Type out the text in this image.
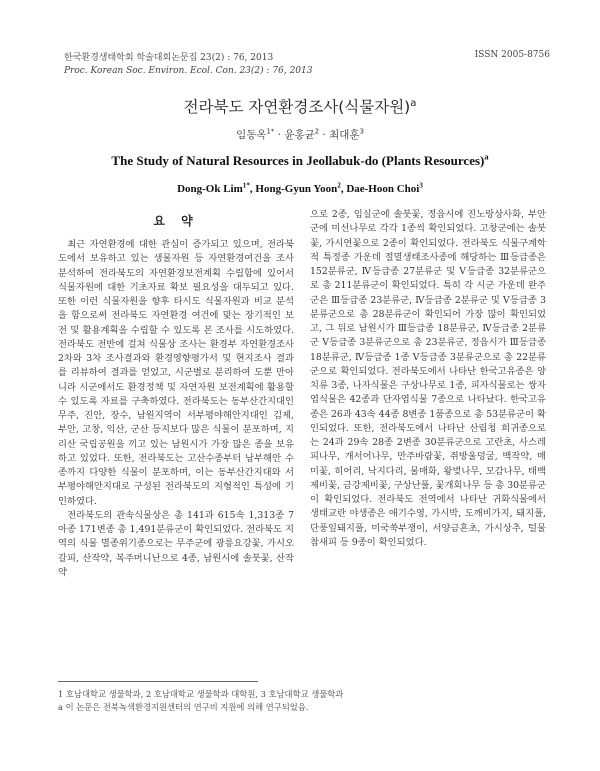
한국환경생태학회 학술대회논문집 23(2) : 76, 2013	ISSN 2005-8756
Proc. Korean Soc. Environ. Ecol. Con. 23(2) : 76, 2013
전라북도 자연환경조사(식물자원)$^a$
임동옥$^{1*}$ · 윤홍균$^2$ · 최대훈$^3$
The Study of Natural Resources in Jeollabuk-do (Plants Resources)$^a$
Dong-Ok Lim$^{1*}$, Hong-Gyun Yoon$^2$, Dae-Hoon Choi$^3$
요 약

최근 자연환경에 대한 관심이 증가되고 있으며, 전라북도에서 보유하고 있는 생물자원 등 자연환경여건을 조사 분석하여 전라북도의 자연환경보전계획 수립함에 있어서 식물자원에 대한 기초자료 확보 필요성을 대두되고 있다. 또한 이런 식물자원을 향후 타시도 식물자원과 비교 분석을 함으로써 전라북도 자연환경 여건에 맞는 장기적인 보전 및 활용계획을 수립할 수 있도록 본 조사를 시도하였다. 전라북도 전반에 걸쳐 식물상 조사는 환경부 자연환경조사 2차와 3차 조사결과와 환경영향평가서 및 현지조사 결과를 리뷰하여 결과를 얻었고, 시군별로 분리하여 도뿐 만아니라 시군에서도 환경정책 및 자연자원 보전계획에 활용할 수 있도록 자료를 구축하였다. 전라북도는 동부산간지대인 무주, 진안, 장수, 남원지역이 서부평야해안지대인 김제, 부안, 고창, 익산, 군산 등지보다 많은 식물이 분포하며, 지리산 국립공원을 끼고 있는 남원시가 가장 많은 종을 보유하고 있었다. 또한, 전라북도는 고산수종부터 남부해안 수종까지 다양한 식물이 분포하며, 이는 동부산간지대와 서부평야해안지대로 구성된 전라북도의 지형적인 특성에 기인하였다.

전라북도의 관속식물상은 총 141과 615속 1,313종 7아종 171변종 총 1,491분류군이 확인되었다. 전라북도 지역의 식물 멸종위기종으로는 무주군에 광릉요강꽃, 가시오갈피, 산작약, 복주머니난으로 4종, 남원시에 솔붓꽃, 산작약

으로 2종, 임실군에 솔붓꽃, 정읍시에 진노랑상사화, 부안군에 미선나무로 각각 1종씩 확인되었다. 고창군에는 솔붓꽃, 가시연꽃으로 2종이 확인되었다. 전라북도 식물구계학적 특정종 가운데 절멸생태조사종에 해당하는 Ⅲ등급종은 152분류군, Ⅳ등급종 27분류군 및 Ⅴ등급종 32분류군으로 총 211분류군이 확인되었다. 특히 각 시군 가운데 완주군은 Ⅲ등급종 23분류군, Ⅳ등급종 2분류군 및 Ⅴ등급종 3분류군으로 총 28분류군이 확인되어 가장 많이 확인되었고, 그 뒤로 남원시가 Ⅲ등급종 18분류군, Ⅳ등급종 2분류군 Ⅴ등급종 3분류군으로 총 23분류군, 정읍시가 Ⅲ등급종 18분류군, Ⅳ등급종 1종 Ⅴ등급종 3분류군으로 총 22분류군으로 확인되었다. 전라북도에서 나타난 한국고유종은 양치류 3종, 나자식물은 구상나무로 1종, 피자식물로는 쌍자엽식물은 42종과 단자엽식물 7종으로 나타났다. 한국고유종은 26과 43속 44종 8변종 1품종으로 총 53분류군이 확인되었다. 또한, 전라북도에서 나타난 산림청 희귀종으로는 24과 29속 28종 2변종 30분류군으로 고란초, 사스레피나무, 개서어나무, 만주바람꽃, 쥐방울덩굴, 백작약, 매미꽃, 히어리, 낙지다리, 물매화, 왕벚나무, 모감나무, 태백제비꽃, 금강제비꽃, 구상난풀, 꽃개회나무 등 총 30분류군이 확인되었다. 전라북도 전역에서 나타난 귀화식물에서 생태교란 야생종은 애기수영, 가시박, 도깨비가지, 돼지풀, 단풍잎돼지풀, 미국쑥부쟁이, 서양금혼초, 가시상추, 털물참새피 등 9종이 확인되었다.

1 호남대학교 생물학과, 2 호남대학교 생물학과 대학원, 3 호남대학교 생물학과
a 이 논문은 전북녹색환경지원센터의 연구비 지원에 의해 연구되었음.
